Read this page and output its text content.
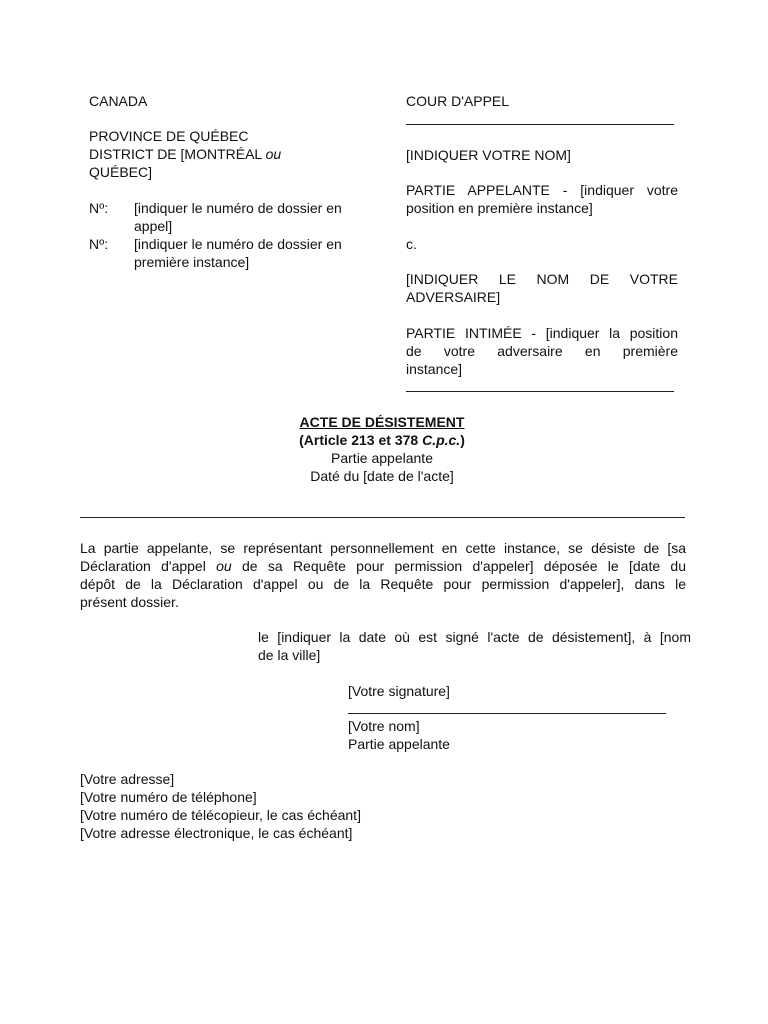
CANADA
PROVINCE DE QUÉBEC
DISTRICT DE [MONTRÉAL ou
QUÉBEC]
Nº: [indiquer le numéro de dossier en
appel]
Nº: [indiquer le numéro de dossier en
première instance]
COUR D'APPEL
[INDIQUER VOTRE NOM]
PARTIE APPELANTE - [indiquer votre
position en première instance]
c.
[INDIQUER LE NOM DE VOTRE
ADVERSAIRE]
PARTIE INTIMÉE - [indiquer la position
de votre adversaire en première
instance]
ACTE DE DÉSISTEMENT
(Article 213 et 378 C.p.c.)
Partie appelante
Daté du [date de l'acte]
La partie appelante, se représentant personnellement en cette instance, se désiste de [sa
Déclaration d'appel ou de sa Requête pour permission d'appeler] déposée le [date du
dépôt de la Déclaration d'appel ou de la Requête pour permission d'appeler], dans le
présent dossier.
le [indiquer la date où est signé l'acte de désistement], à [nom
de la ville]
[Votre signature]
[Votre nom]
Partie appelante
[Votre adresse]
[Votre numéro de téléphone]
[Votre numéro de télécopieur, le cas échéant]
[Votre adresse électronique, le cas échéant]
